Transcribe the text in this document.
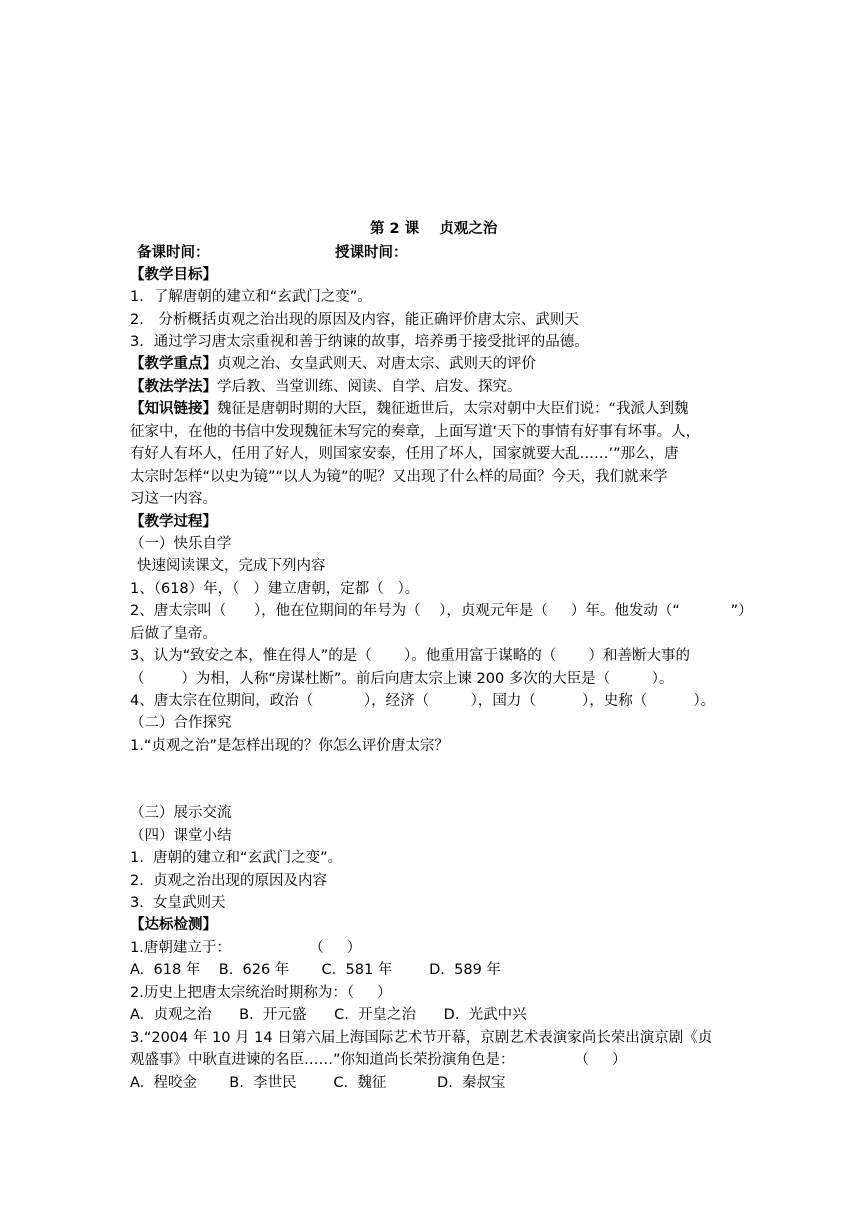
第 2 课    贞观之治
备课时间：	授课时间：
【教学目标】
1．了解唐朝的建立和“玄武门之变”。
2． 分析概括贞观之治出现的原因及内容，能正确评价唐太宗、武则天
3．通过学习唐太宗重视和善于纳谏的故事，培养勇于接受批评的品德。
【教学重点】贞观之治、女皇武则天、对唐太宗、武则天的评价
【教法学法】学后教、当堂训练、阅读、自学、启发、探究。
【知识链接】魏征是唐朝时期的大臣，魏征逝世后，太宗对朝中大臣们说：“我派人到魏
征家中，在他的书信中发现魏征未写完的奏章，上面写道‘天下的事情有好事有坏事。人，
有好人有坏人，任用了好人，则国家安泰，任用了坏人，国家就要大乱……’”那么，唐
太宗时怎样“以史为镜”“以人为镜”的呢？又出现了什么样的局面？今天，我们就来学
习这一内容。
【教学过程】
（一）快乐自学
快速阅读课文，完成下列内容
1、（618）年，（   ）建立唐朝，定都（   ）。
2、唐太宗叫（      ），他在位期间的年号为（    ），贞观元年是（     ）年。他发动（“           ”）
后做了皇帝。
3、认为“致安之本，惟在得人”的是（       ）。他重用富于谋略的（       ）和善断大事的
（        ）为相，人称“房谋杜断”。前后向唐太宗上谏 200 多次的大臣是（         ）。
4、唐太宗在位期间，政治（           ），经济（         ），国力（          ），史称（          ）。
（二）合作探究
1.“贞观之治”是怎样出现的？你怎么评价唐太宗？
（三）展示交流
（四）课堂小结
1.  唐朝的建立和“玄武门之变”。
2.  贞观之治出现的原因及内容
3.  女皇武则天
【达标检测】
1.唐朝建立于：                 （     ）
A.  618 年    B.  626 年       C.  581 年        D.  589 年
2.历史上把唐太宗统治时期称为：（     ）
A.  贞观之治      B.  开元盛      C.  开皇之治      D.  光武中兴
3.“2004 年 10 月 14 日第六届上海国际艺术节开幕，京剧艺术表演家尚长荣出演京剧《贞
观盛事》中耿直进谏的名臣……”你知道尚长荣扮演角色是：             （     ）
A.  程咬金       B.  李世民        C.  魏征           D.  秦叔宝
